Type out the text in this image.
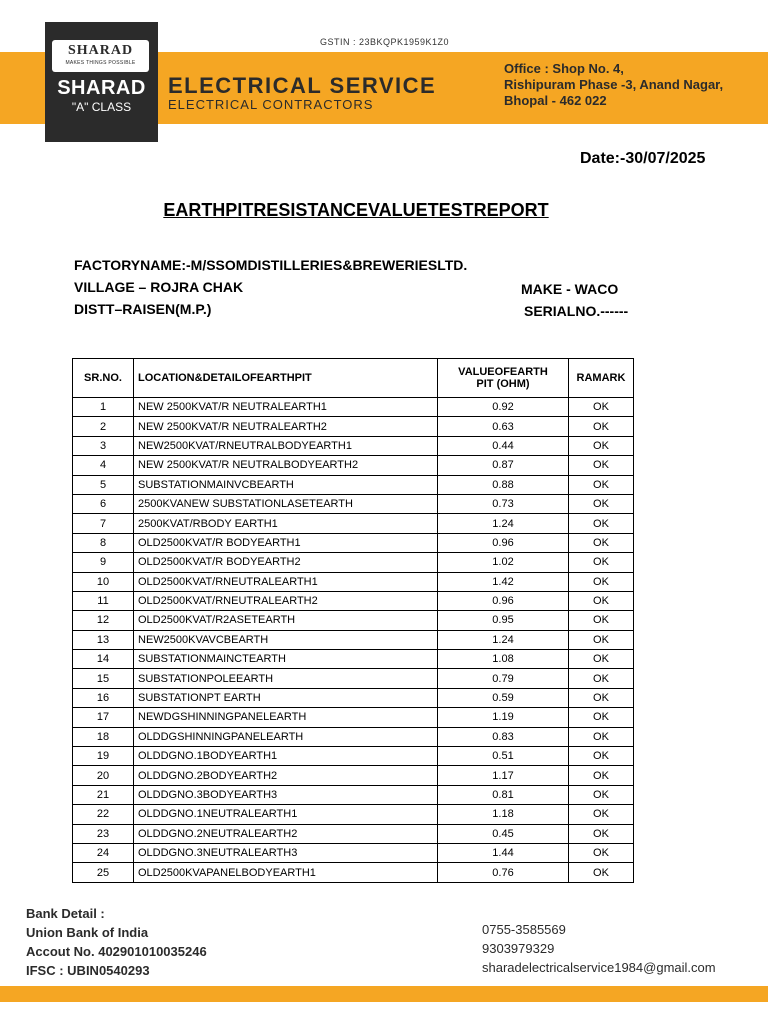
SHARAD
MAKES THINGS POSSIBLE
SHARAD
"A" CLASS
GSTIN : 23BKQPK1959K1Z0
ELECTRICAL SERVICE
ELECTRICAL CONTRACTORS
Office : Shop No. 4,
Rishipuram Phase -3, Anand Nagar,
Bhopal - 462 022
Date:-30/07/2025
EARTHPITRESISTANCEVALUETESTREPORT
FACTORYNAME:-M/SSOMDISTILLERIES&BREWERIESLTD.
VILLAGE – ROJRA CHAK
DISTT–RAISEN(M.P.)
MAKE - WACO
SERIALNO.------
SR.NO.	LOCATION&DETAILOFEARTHPIT	VALUEOFEARTH
PIT (OHM)	RAMARK
1	NEW 2500KVAT/R NEUTRALEARTH1	0.92	OK
2	NEW 2500KVAT/R NEUTRALEARTH2	0.63	OK
3	NEW2500KVAT/RNEUTRALBODYEARTH1	0.44	OK
4	NEW 2500KVAT/R NEUTRALBODYEARTH2	0.87	OK
5	SUBSTATIONMAINVCBEARTH	0.88	OK
6	2500KVANEW SUBSTATIONLASETEARTH	0.73	OK
7	2500KVAT/RBODY EARTH1	1.24	OK
8	OLD2500KVAT/R BODYEARTH1	0.96	OK
9	OLD2500KVAT/R BODYEARTH2	1.02	OK
10	OLD2500KVAT/RNEUTRALEARTH1	1.42	OK
11	OLD2500KVAT/RNEUTRALEARTH2	0.96	OK
12	OLD2500KVAT/R2ASETEARTH	0.95	OK
13	NEW2500KVAVCBEARTH	1.24	OK
14	SUBSTATIONMAINCTEARTH	1.08	OK
15	SUBSTATIONPOLEEARTH	0.79	OK
16	SUBSTATIONPT EARTH	0.59	OK
17	NEWDGSHINNINGPANELEARTH	1.19	OK
18	OLDDGSHINNINGPANELEARTH	0.83	OK
19	OLDDGNO.1BODYEARTH1	0.51	OK
20	OLDDGNO.2BODYEARTH2	1.17	OK
21	OLDDGNO.3BODYEARTH3	0.81	OK
22	OLDDGNO.1NEUTRALEARTH1	1.18	OK
23	OLDDGNO.2NEUTRALEARTH2	0.45	OK
24	OLDDGNO.3NEUTRALEARTH3	1.44	OK
25	OLD2500KVAPANELBODYEARTH1	0.76	OK
Bank Detail :
Union Bank of India
Accout No. 402901010035246
IFSC : UBIN0540293
0755-3585569
9303979329
sharadelectricalservice1984@gmail.com
